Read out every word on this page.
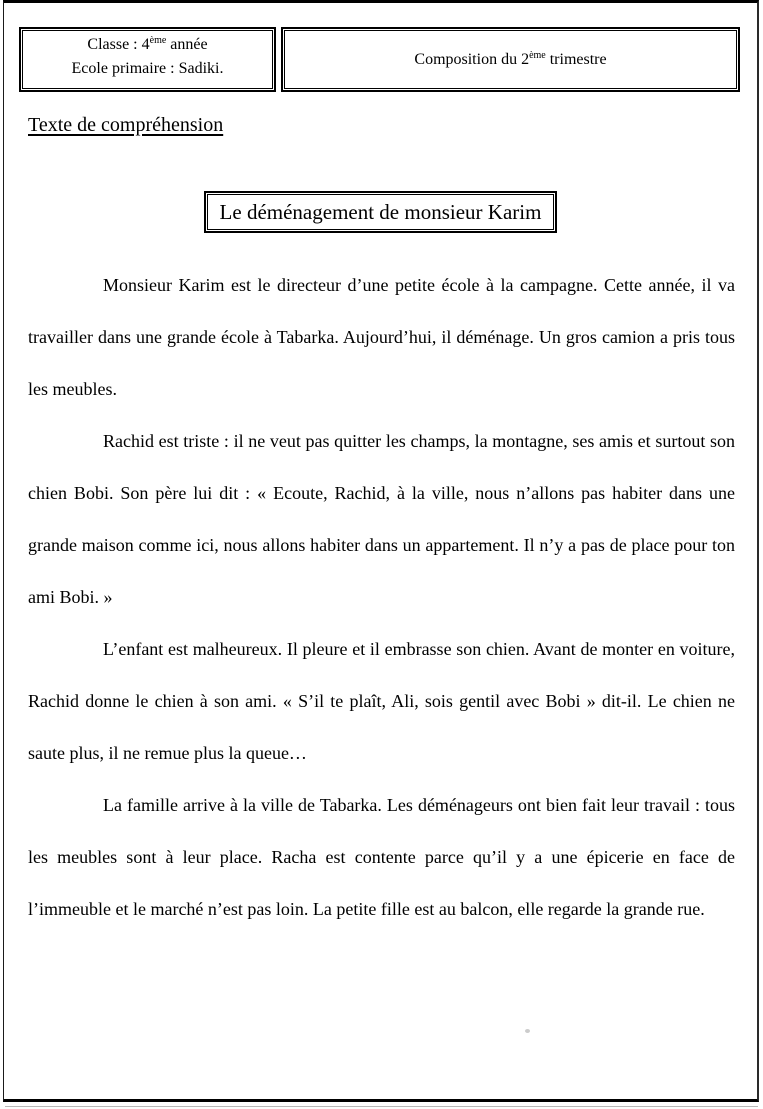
Classe : 4ème année
Ecole primaire : Sadiki.
Composition du 2ème trimestre
Texte de compréhension
Le déménagement de monsieur Karim

Monsieur Karim est le directeur d’une petite école à la campagne. Cette année, il va travailler dans une grande école à Tabarka. Aujourd’hui, il déménage. Un gros camion a pris tous les meubles.

Rachid est triste : il ne veut pas quitter les champs, la montagne, ses amis et surtout son chien Bobi. Son père lui dit : « Ecoute, Rachid, à la ville, nous n’allons pas habiter dans une grande maison comme ici, nous allons habiter dans un appartement. Il n’y a pas de place pour ton ami Bobi. »

L’enfant est malheureux. Il pleure et il embrasse son chien. Avant de monter en voiture, Rachid donne le chien à son ami. « S’il te plaît, Ali, sois gentil avec Bobi » dit-il. Le chien ne saute plus, il ne remue plus la queue…

La famille arrive à la ville de Tabarka. Les déménageurs ont bien fait leur travail : tous les meubles sont à leur place. Racha est contente parce qu’il y a une épicerie en face de l’immeuble et le marché n’est pas loin. La petite fille est au balcon, elle regarde la grande rue.
